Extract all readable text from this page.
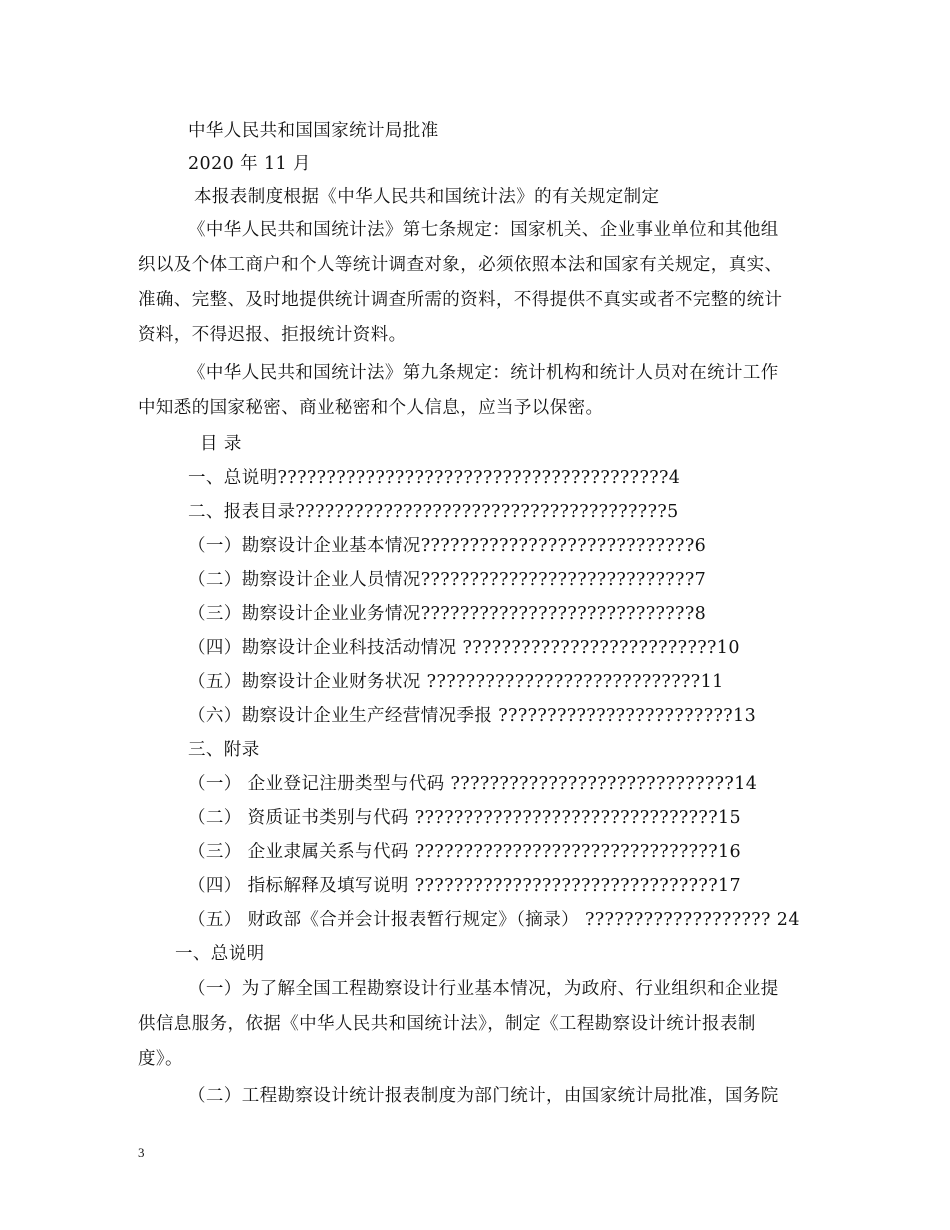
中华人民共和国国家统计局批准
2020 年 11 月
本报表制度根据《中华人民共和国统计法》的有关规定制定
《中华人民共和国统计法》第七条规定：国家机关、企业事业单位和其他组
织以及个体工商户和个人等统计调查对象，必须依照本法和国家有关规定，真实、
准确、完整、及时地提供统计调查所需的资料，不得提供不真实或者不完整的统计
资料，不得迟报、拒报统计资料。
《中华人民共和国统计法》第九条规定：统计机构和统计人员对在统计工作
中知悉的国家秘密、商业秘密和个人信息，应当予以保密。
目 录
一、总说明????????????????????????????????????????4
二、报表目录??????????????????????????????????????5
（一）勘察设计企业基本情况????????????????????????????6
（二）勘察设计企业人员情况????????????????????????????7
（三）勘察设计企业业务情况????????????????????????????8
（四）勘察设计企业科技活动情况 ??????????????????????????10
（五）勘察设计企业财务状况 ????????????????????????????11
（六）勘察设计企业生产经营情况季报 ????????????????????????13
三、附录
（一） 企业登记注册类型与代码 ?????????????????????????????14
（二） 资质证书类别与代码 ???????????????????????????????15
（三） 企业隶属关系与代码 ???????????????????????????????16
（四） 指标解释及填写说明 ???????????????????????????????17
（五） 财政部《合并会计报表暂行规定》（摘录） ??????????????????? 24
一、总说明
（一）为了解全国工程勘察设计行业基本情况，为政府、行业组织和企业提
供信息服务，依据《中华人民共和国统计法》，制定《工程勘察设计统计报表制
度》。
（二）工程勘察设计统计报表制度为部门统计，由国家统计局批准，国务院
3
